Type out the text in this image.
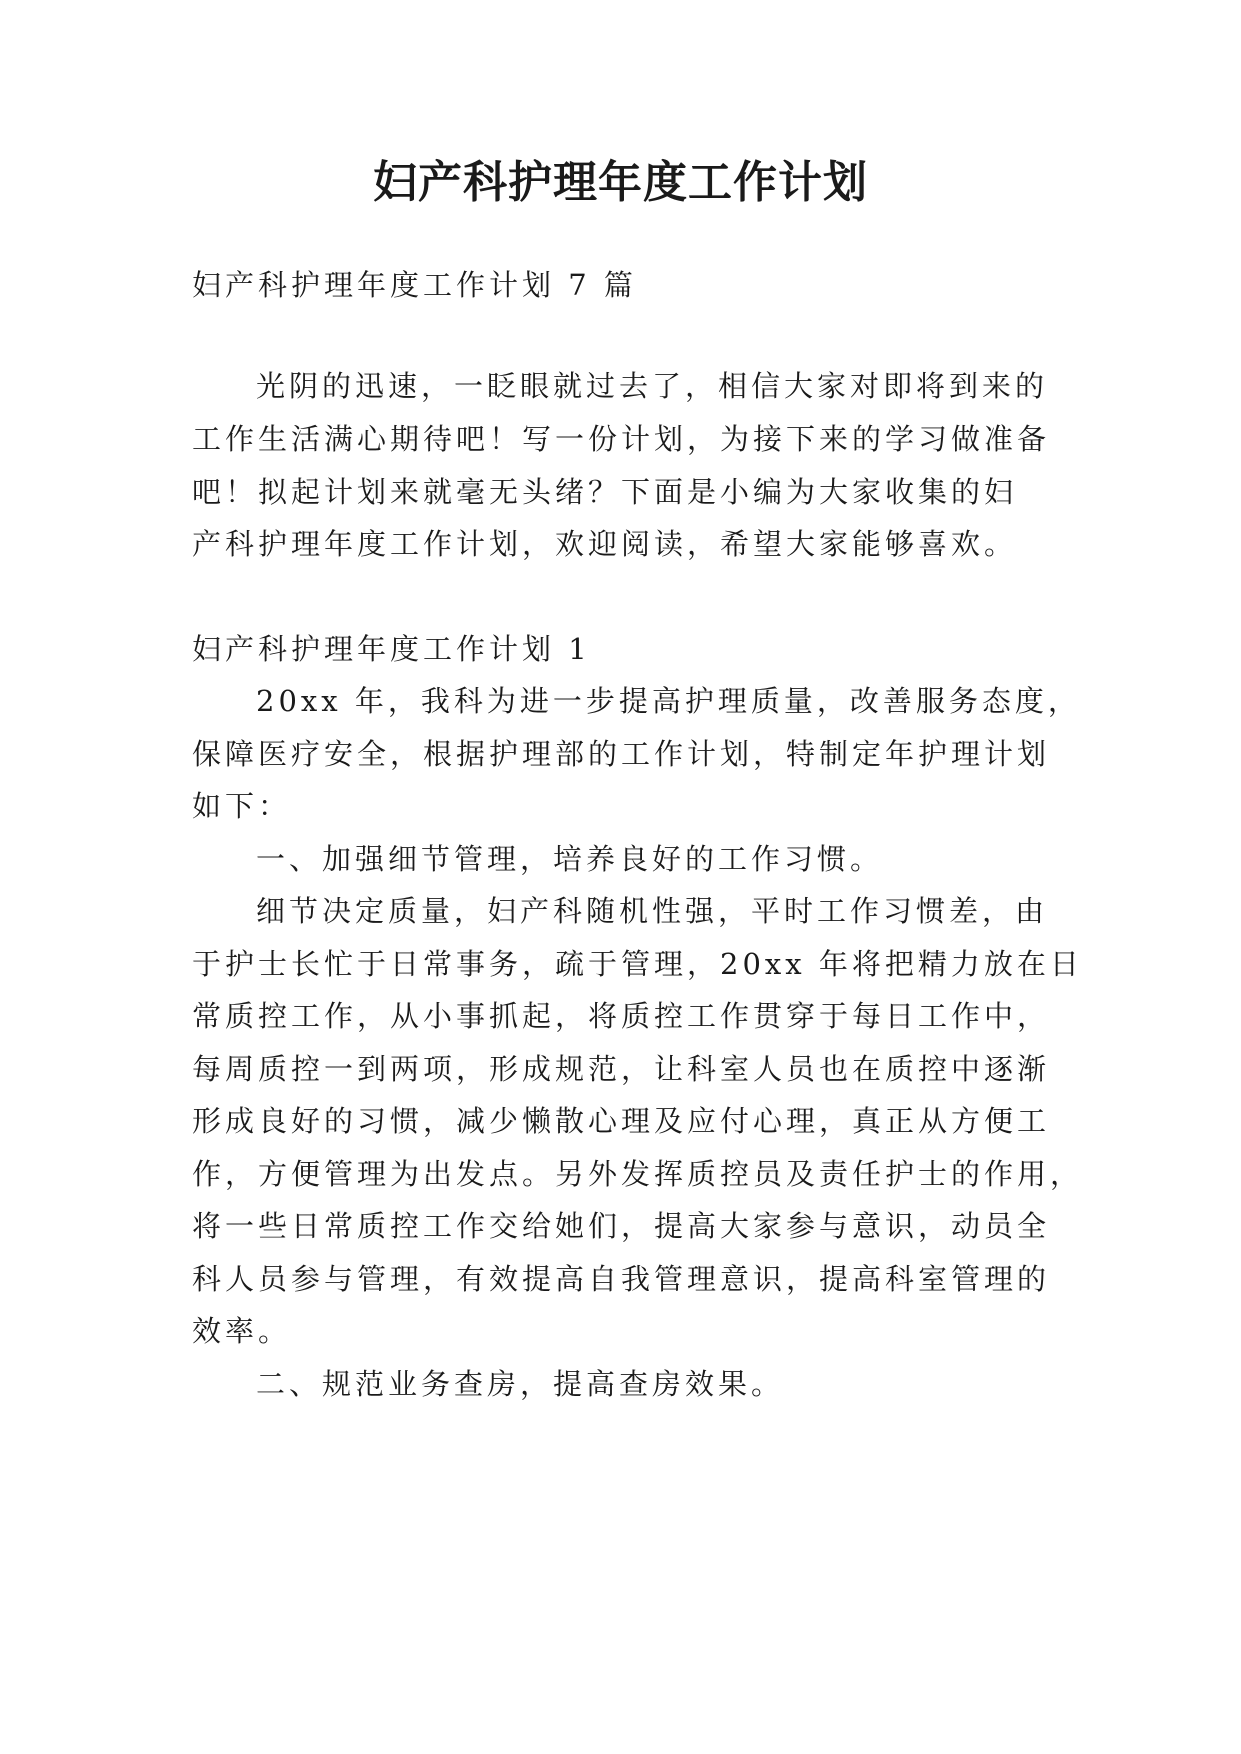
妇产科护理年度工作计划

妇产科护理年度工作计划 7 篇

光阴的迅速，一眨眼就过去了，相信大家对即将到来的

工作生活满心期待吧！写一份计划，为接下来的学习做准备

吧！拟起计划来就毫无头绪？下面是小编为大家收集的妇

产科护理年度工作计划，欢迎阅读，希望大家能够喜欢。

妇产科护理年度工作计划 1

20xx 年，我科为进一步提高护理质量，改善服务态度，

保障医疗安全，根据护理部的工作计划，特制定年护理计划

如下：

一、加强细节管理，培养良好的工作习惯。

细节决定质量，妇产科随机性强，平时工作习惯差，由

于护士长忙于日常事务，疏于管理，20xx 年将把精力放在日

常质控工作，从小事抓起，将质控工作贯穿于每日工作中，

每周质控一到两项，形成规范，让科室人员也在质控中逐渐

形成良好的习惯，减少懒散心理及应付心理，真正从方便工

作，方便管理为出发点。另外发挥质控员及责任护士的作用，

将一些日常质控工作交给她们，提高大家参与意识，动员全

科人员参与管理，有效提高自我管理意识，提高科室管理的

效率。

二、规范业务查房，提高查房效果。
